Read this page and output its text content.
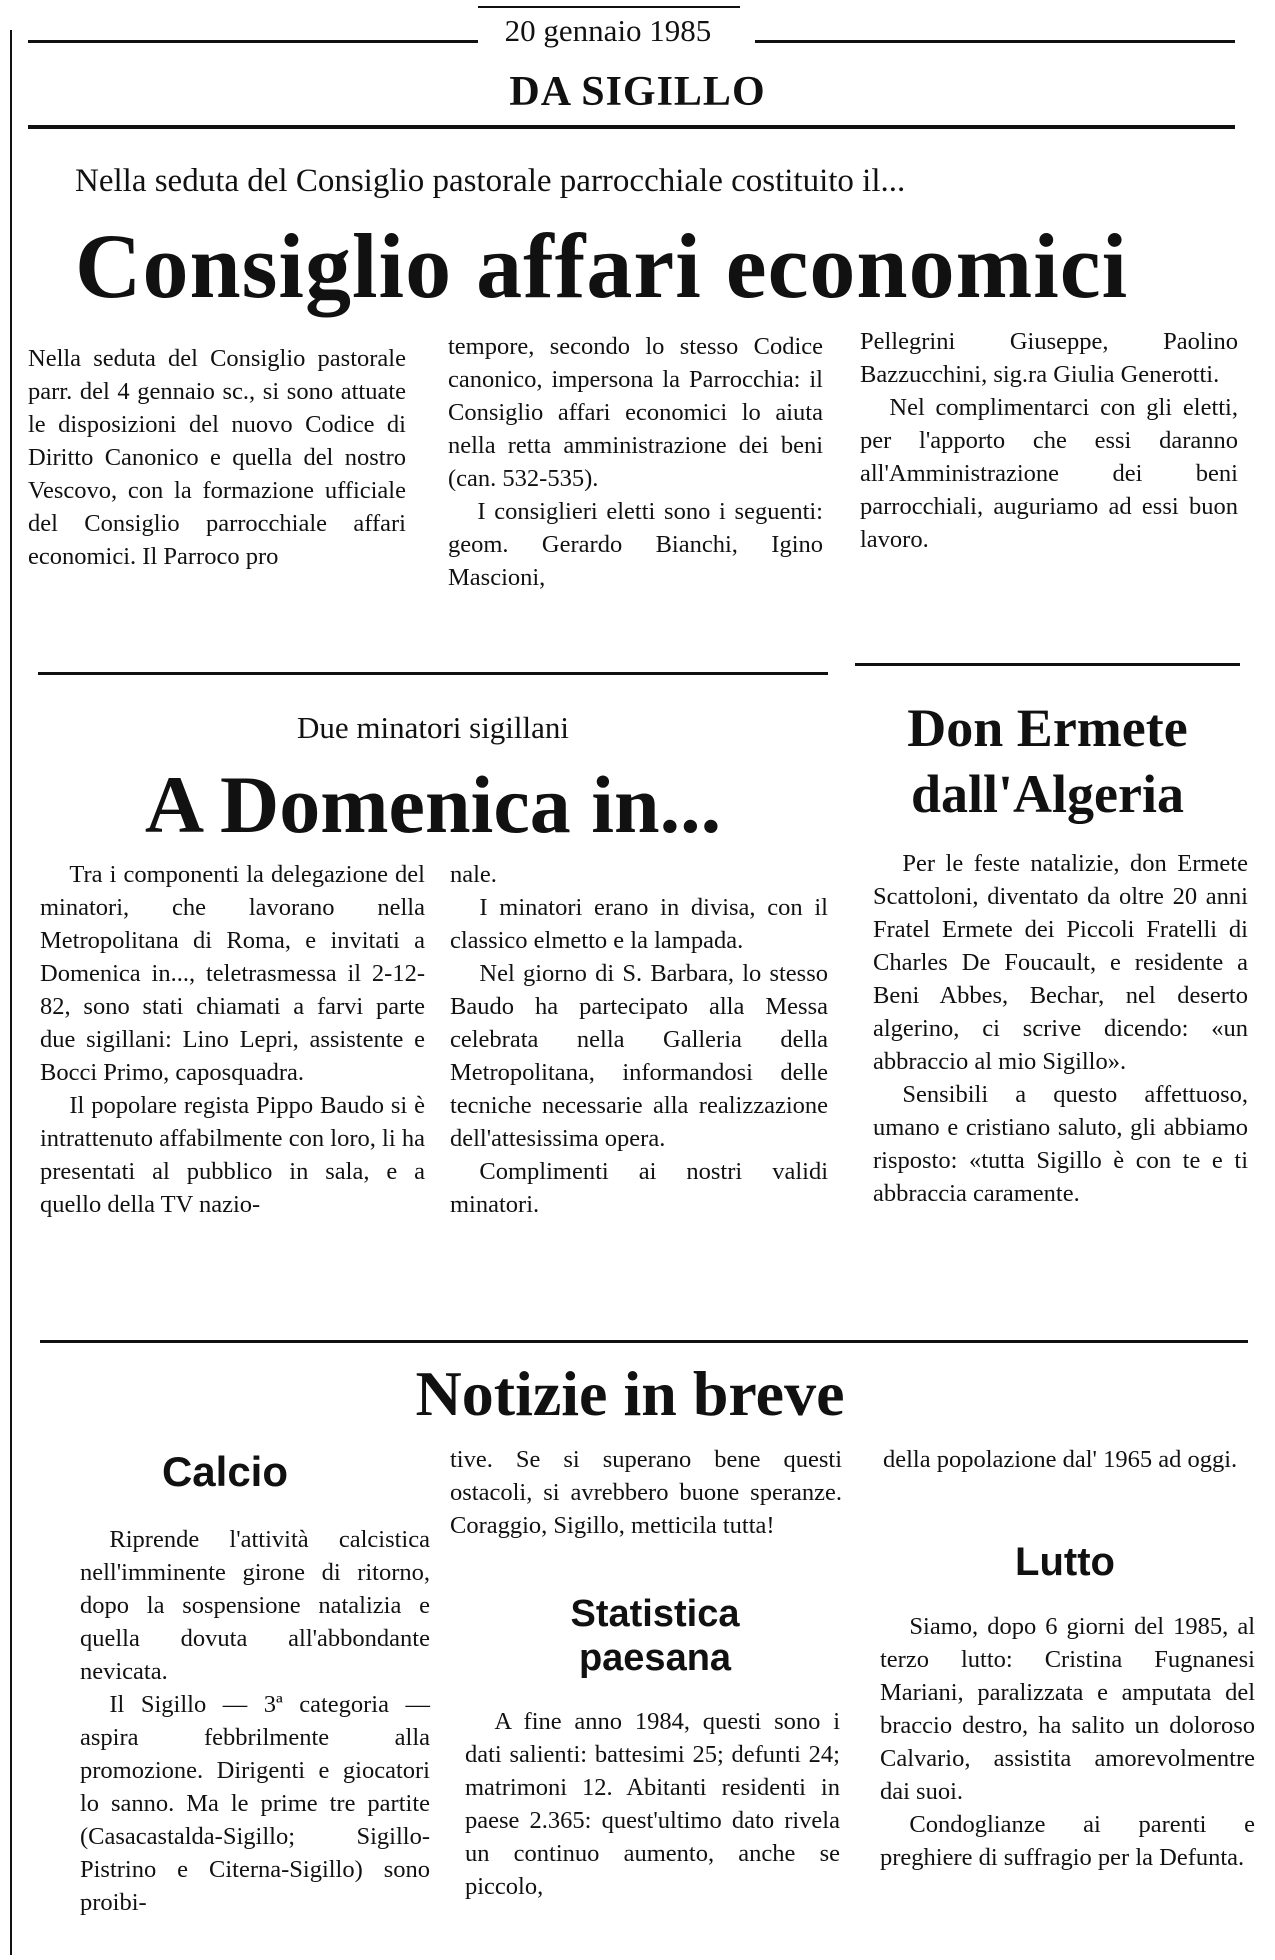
20 gennaio 1985
DA SIGILLO
Nella seduta del Consiglio pastorale parrocchiale costituito il...
Consiglio affari economici

Nella seduta del Consiglio pastorale parr. del 4 gennaio sc., si sono attuate le disposizioni del nuovo Codice di Diritto Canonico e quella del nostro Vescovo, con la formazione ufficiale del Consiglio parrocchiale affari economici. Il Parroco pro

tempore, secondo lo stesso Codice canonico, impersona la Parrocchia: il Consiglio affari economici lo aiuta nella retta amministrazione dei beni (can. 532-535).

I consiglieri eletti sono i seguenti: geom. Gerardo Bianchi, Igino Mascioni,

Pellegrini Giuseppe, Paolino Bazzucchini, sig.ra Giulia Generotti.

Nel complimentarci con gli eletti, per l'apporto che essi daranno all'Amministrazione dei beni parrocchiali, auguriamo ad essi buon lavoro.

Due minatori sigillani
A Domenica in...

Tra i componenti la delegazione del minatori, che lavorano nella Metropolitana di Roma, e invitati a Domenica in..., teletrasmessa il 2-12-82, sono stati chiamati a farvi parte due sigillani: Lino Lepri, assistente e Bocci Primo, caposquadra.

Il popolare regista Pippo Baudo si è intrattenuto affabilmente con loro, li ha presentati al pubblico in sala, e a quello della TV nazio-

nale.

I minatori erano in divisa, con il classico elmetto e la lampada.

Nel giorno di S. Barbara, lo stesso Baudo ha partecipato alla Messa celebrata nella Galleria della Metropolitana, informandosi delle tecniche necessarie alla realizzazione dell'attesissima opera.

Complimenti ai nostri validi minatori.

Don Ermete dall'Algeria

Per le feste natalizie, don Ermete Scattoloni, diventato da oltre 20 anni Fratel Ermete dei Piccoli Fratelli di Charles De Foucault, e residente a Beni Abbes, Bechar, nel deserto algerino, ci scrive dicendo: «un abbraccio al mio Sigillo».

Sensibili a questo affettuoso, umano e cristiano saluto, gli abbiamo risposto: «tutta Sigillo è con te e ti abbraccia caramente.

Notizie in breve
Calcio

Riprende l'attività calcistica nell'imminente girone di ritorno, dopo la sospensione natalizia e quella dovuta all'abbondante nevicata.

Il Sigillo — 3ª categoria — aspira febbrilmente alla promozione. Dirigenti e giocatori lo sanno. Ma le prime tre partite (Casacastalda-Sigillo; Sigillo-Pistrino e Citerna-Sigillo) sono proibi-

tive. Se si superano bene questi ostacoli, si avrebbero buone speranze. Coraggio, Sigillo, metticila tutta!

Statistica paesana

A fine anno 1984, questi sono i dati salienti: battesimi 25; defunti 24; matrimoni 12. Abitanti residenti in paese 2.365: quest'ultimo dato rivela un continuo aumento, anche se piccolo,

della popolazione dal' 1965 ad oggi.

Lutto

Siamo, dopo 6 giorni del 1985, al terzo lutto: Cristina Fugnanesi Mariani, paralizzata e amputata del braccio destro, ha salito un doloroso Calvario, assistita amorevolmentre dai suoi.

Condoglianze ai parenti e preghiere di suffragio per la Defunta.
